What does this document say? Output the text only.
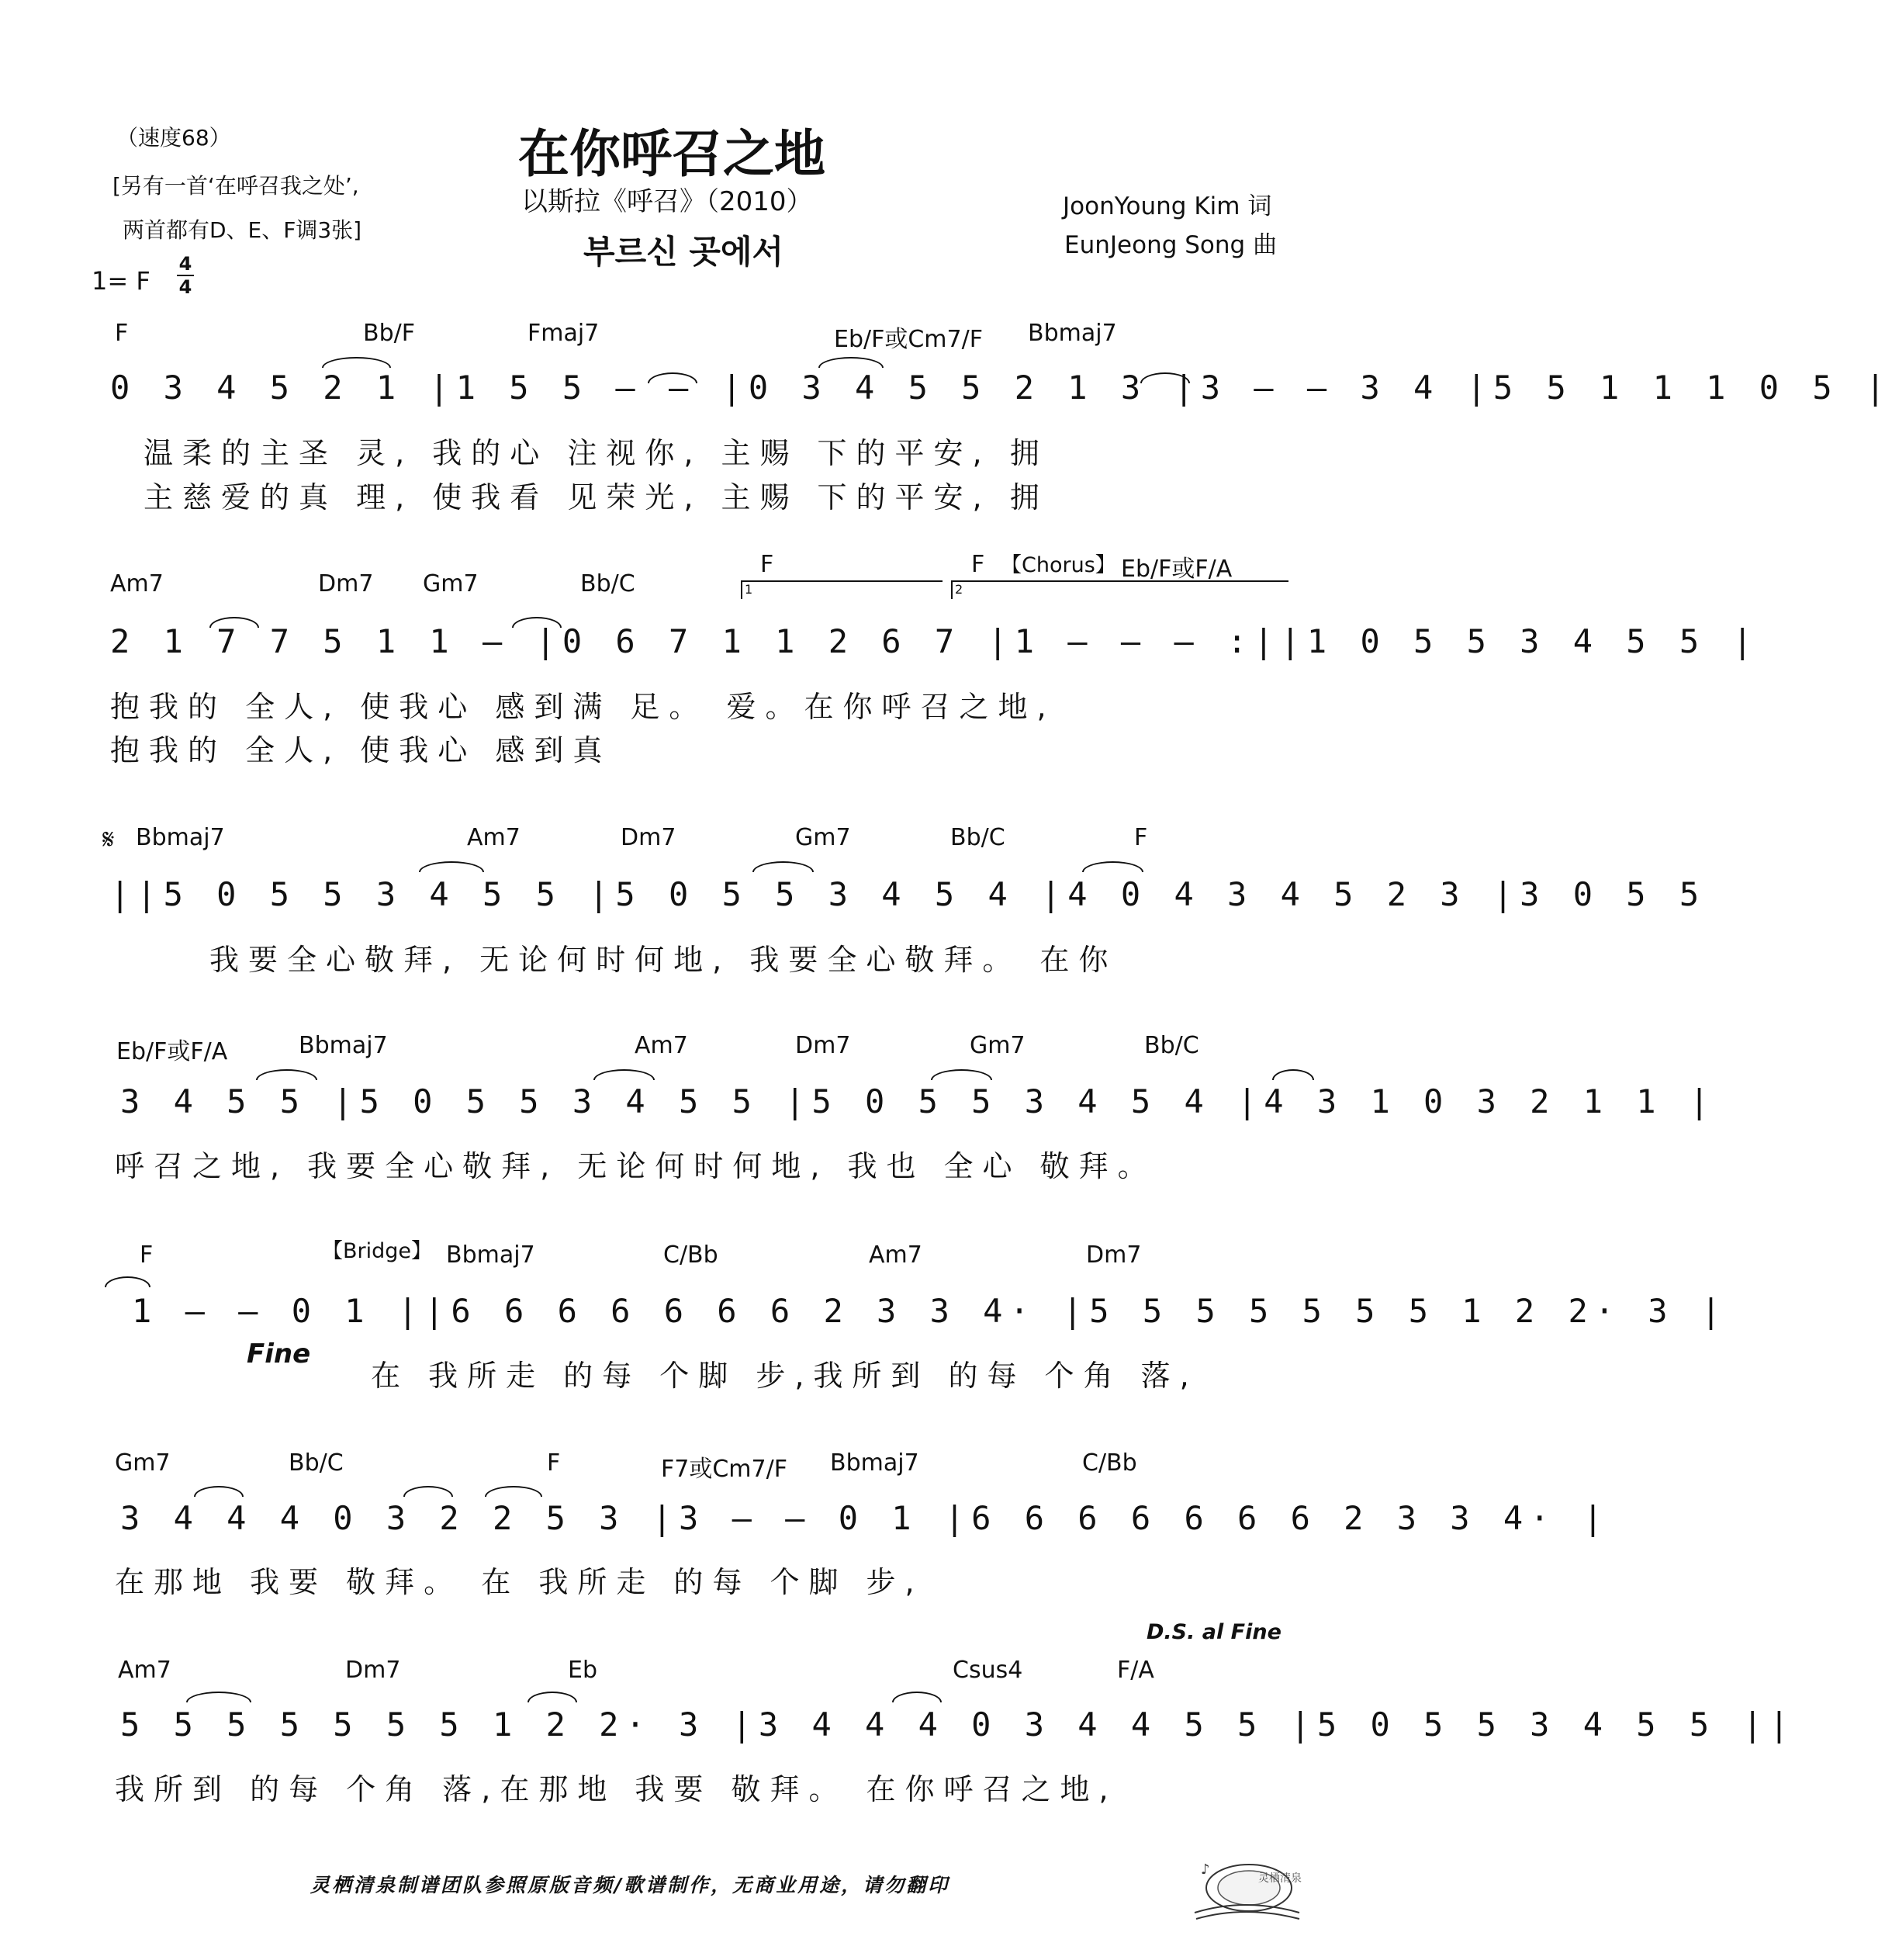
（速度68）
[另有一首‘在呼召我之处’,
两首都有D、E、F调3张]
在你呼召之地
以斯拉《呼召》（2010）
부르신 곳에서
JoonYoung Kim 词
EunJeong Song 曲
1= F
4
4
F	Bb/F	Fmaj7	Eb/F或Cm7/F Bbmaj7
0 3 4 5 2 1 |1 5 5 – – |0 3 4 5 5 2 1 3 |3 – – 3 4 |5 5 1 1 1 0 5 |
温柔的主圣 灵, 我的心 注视你, 主赐 下的平安, 拥
主慈爱的真 理, 使我看 见荣光, 主赐 下的平安, 拥
Am7	Dm7 Gm7	Bb/C
F	F	Eb/F或F/A
【Chorus】
1	2
2 1 7 7 5 1 1 – |0 6 7 1 1 2 6 7 |1 – – – :||1 0 5 5 3 4 5 5 |
抱我的 全人, 使我心 感到满 足。 爱。在你呼召之地,
抱我的 全人, 使我心 感到真
𝄋 Bbmaj7	Am7	Dm7	Gm7	Bb/C	F
||5 0 5 5 3 4 5 5 |5 0 5 5 3 4 5 4 |4 0 4 3 4 5 2 3 |3 0 5 5
我要全心敬拜, 无论何时何地, 我要全心敬拜。 在你
Eb/F或F/A	Bbmaj7	Am7	Dm7	Gm7	Bb/C
3 4 5 5 |5 0 5 5 3 4 5 5 |5 0 5 5 3 4 5 4 |4 3 1 0 3 2 1 1 |
呼召之地, 我要全心敬拜, 无论何时何地, 我也 全心 敬拜。
F	【Bridge】 Bbmaj7	C/Bb	Am7	Dm7
1 – – 0 1 ||6 6 6 6 6 6 6 2 3 3 4· |5 5 5 5 5 5 5 1 2 2· 3 |
Fine
在 我所走 的每 个脚 步,我所到 的每 个角 落,
Gm7	Bb/C	F	F7或Cm7/F Bbmaj7	C/Bb
3 4 4 4 0 3 2 2 5 3 |3 – – 0 1 |6 6 6 6 6 6 6 2 3 3 4· |
在那地 我要 敬拜。 在 我所走 的每 个脚 步,
D.S. al Fine
Am7	Dm7	Eb	Csus4	F/A
5 5 5 5 5 5 5 1 2 2· 3 |3 4 4 4 0 3 4 4 5 5 |5 0 5 5 3 4 5 5 ||
我所到 的每 个角 落,在那地 我要 敬拜。 在你呼召之地,
灵栖清泉制谱团队参照原版音频/歌谱制作，无商业用途，请勿翻印
♪
灵栖清泉
